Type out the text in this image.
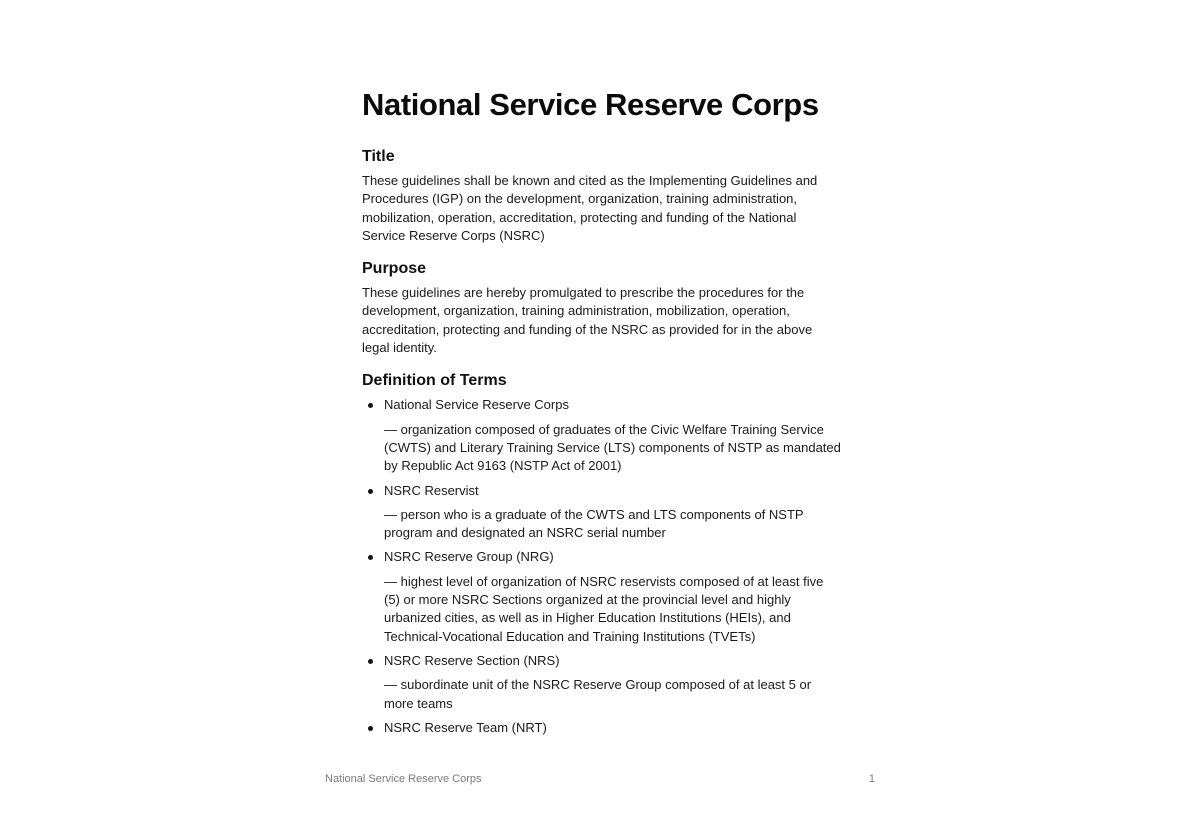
National Service Reserve Corps
Title

These guidelines shall be known and cited as the Implementing Guidelines and Procedures (IGP) on the development, organization, training administration, mobilization, operation, accreditation, protecting and funding of the National Service Reserve Corps (NSRC)

Purpose

These guidelines are hereby promulgated to prescribe the procedures for the development, organization, training administration, mobilization, operation, accreditation, protecting and funding of the NSRC as provided for in the above legal identity.

Definition of Terms
National Service Reserve Corps
— organization composed of graduates of the Civic Welfare Training Service (CWTS) and Literary Training Service (LTS) components of NSTP as mandated by Republic Act 9163 (NSTP Act of 2001)
NSRC Reservist
— person who is a graduate of the CWTS and LTS components of NSTP program and designated an NSRC serial number
NSRC Reserve Group (NRG)
— highest level of organization of NSRC reservists composed of at least five (5) or more NSRC Sections organized at the provincial level and highly urbanized cities, as well as in Higher Education Institutions (HEIs), and Technical-Vocational Education and Training Institutions (TVETs)
NSRC Reserve Section (NRS)
— subordinate unit of the NSRC Reserve Group composed of at least 5 or more teams
NSRC Reserve Team (NRT)
National Service Reserve Corps	1
